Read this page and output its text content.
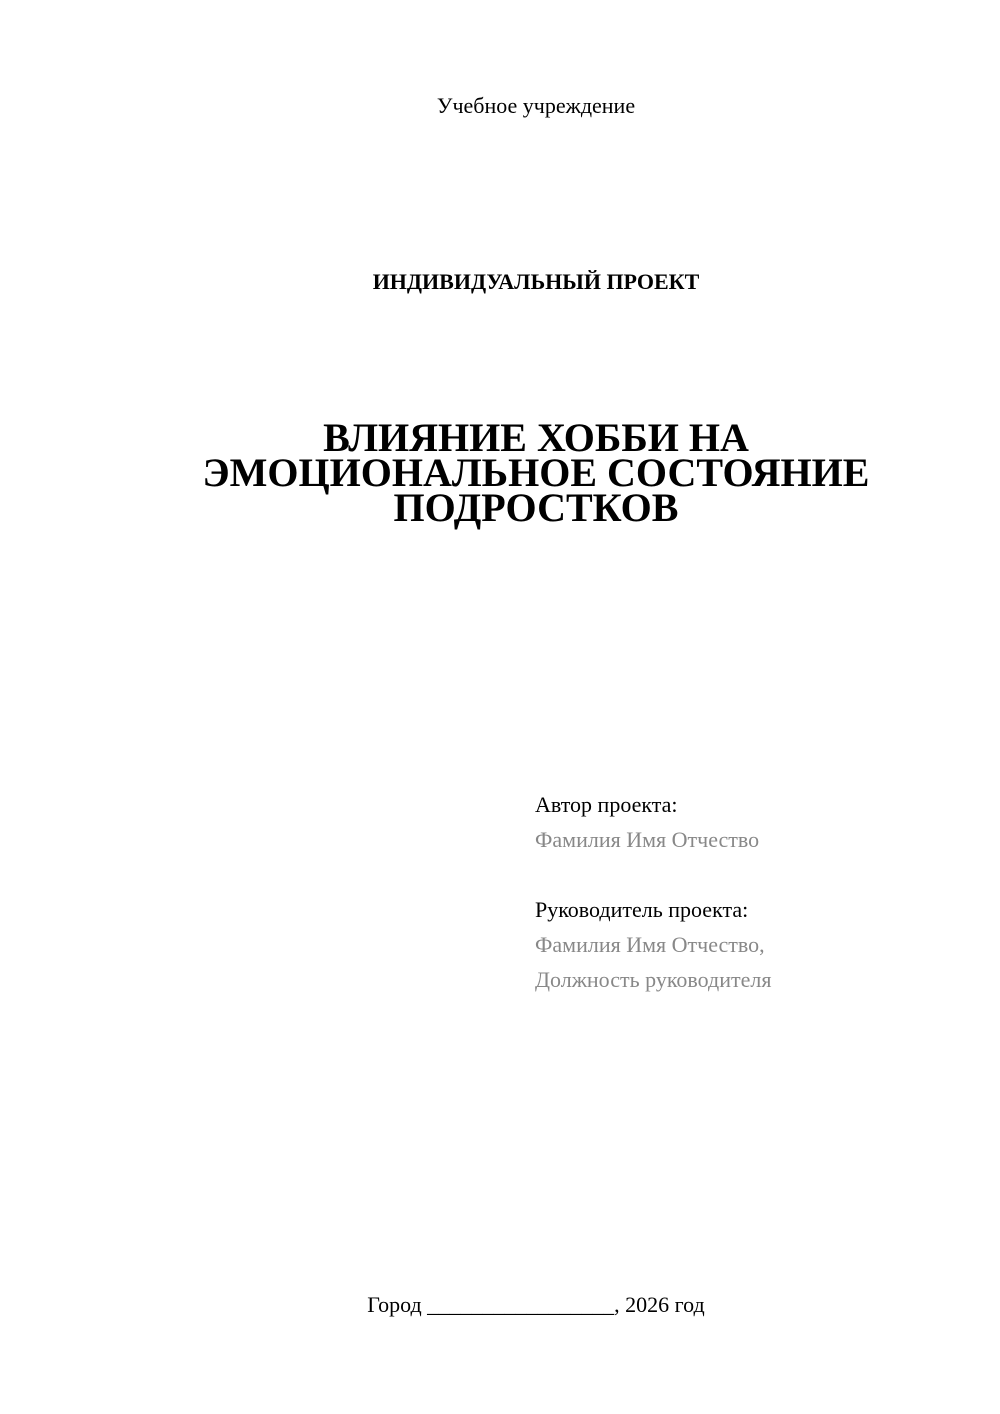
Учебное учреждение
ИНДИВИДУАЛЬНЫЙ ПРОЕКТ
ВЛИЯНИЕ ХОББИ НА
ЭМОЦИОНАЛЬНОЕ СОСТОЯНИЕ
ПОДРОСТКОВ
Автор проекта:
Фамилия Имя Отчество
Руководитель проекта:
Фамилия Имя Отчество,
Должность руководителя
Город _________________, 2026 год
